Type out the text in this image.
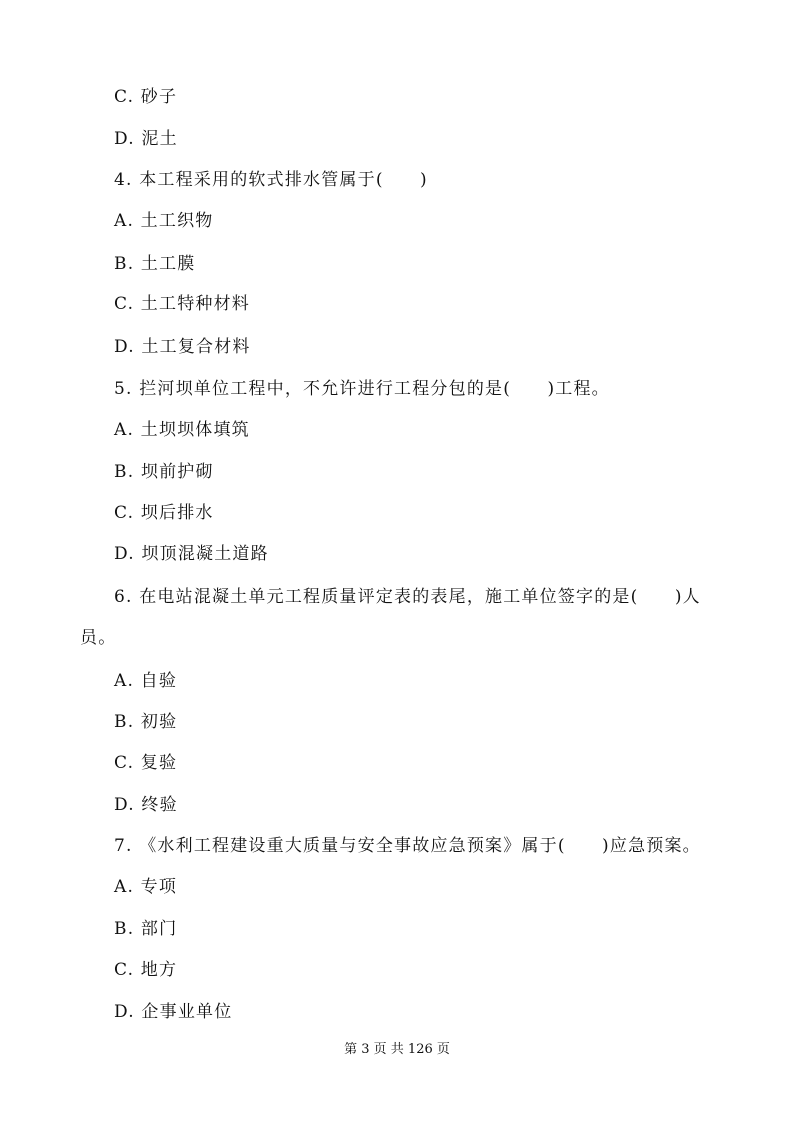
C. 砂子
D. 泥土
4. 本工程采用的软式排水管属于(　　)
A. 土工织物
B. 土工膜
C. 土工特种材料
D. 土工复合材料
5. 拦河坝单位工程中，不允许进行工程分包的是(　　)工程。
A. 土坝坝体填筑
B. 坝前护砌
C. 坝后排水
D. 坝顶混凝土道路
6. 在电站混凝土单元工程质量评定表的表尾，施工单位签字的是(　　)人
员。
A. 自验
B. 初验
C. 复验
D. 终验
7. 《水利工程建设重大质量与安全事故应急预案》属于(　　)应急预案。
A. 专项
B. 部门
C. 地方
D. 企事业单位
第 3 页 共 126 页
